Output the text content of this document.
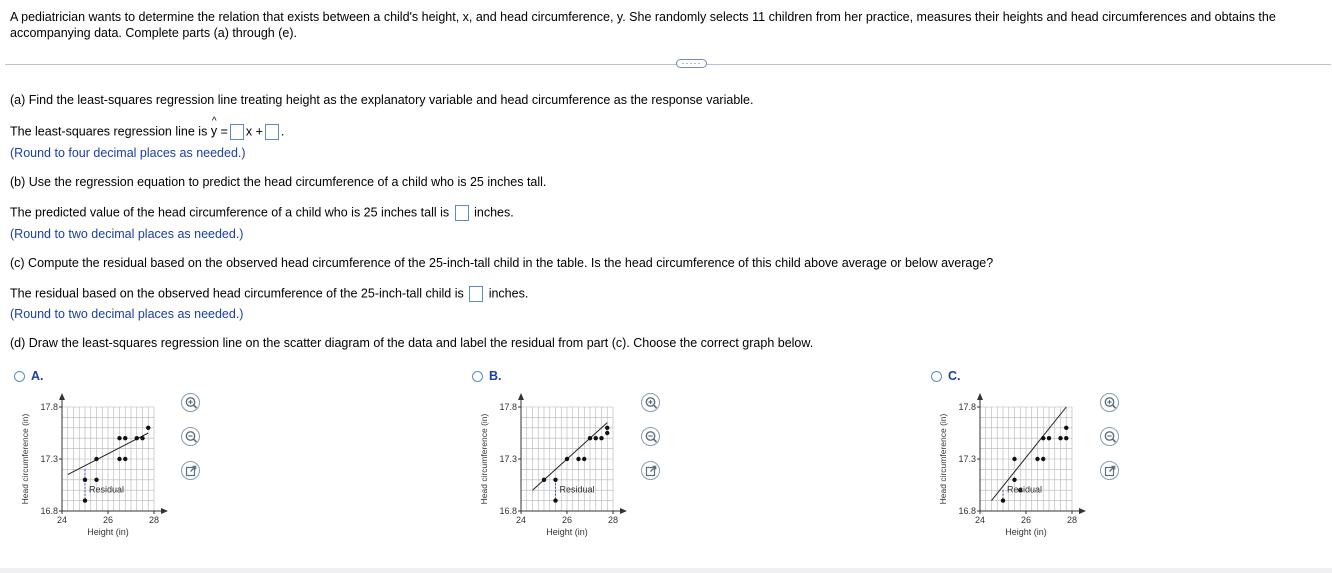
A pediatrician wants to determine the relation that exists between a child's height, x, and head circumference, y. She randomly selects 11 children from her practice, measures their heights and head circumferences and obtains the accompanying data. Complete parts (a) through (e).
·····
(a) Find the least-squares regression line treating height as the explanatory variable and head circumference as the response variable.
The least-squares regression line is
^
y = x + .
(Round to four decimal places as needed.)
(b) Use the regression equation to predict the head circumference of a child who is 25 inches tall.
The predicted value of the head circumference of a child who is 25 inches tall is inches.
(Round to two decimal places as needed.)
(c) Compute the residual based on the observed head circumference of the 25-inch-tall child in the table. Is the head circumference of this child above average or below average?
The residual based on the observed head circumference of the 25-inch-tall child is inches.
(Round to two decimal places as needed.)
(d) Draw the least-squares regression line on the scatter diagram of the data and label the residual from part (c). Choose the correct graph below.
A.	B.	C.
17.8
17.3
16.8
24	26	28
Height (in)
Head circumference (in)	Residual
17.8
17.3
16.8
24	26	28
Height (in)
Head circumference (in)	Residual
17.8
17.3
16.8
24	26	28
Height (in)
Head circumference (in)	Residual
